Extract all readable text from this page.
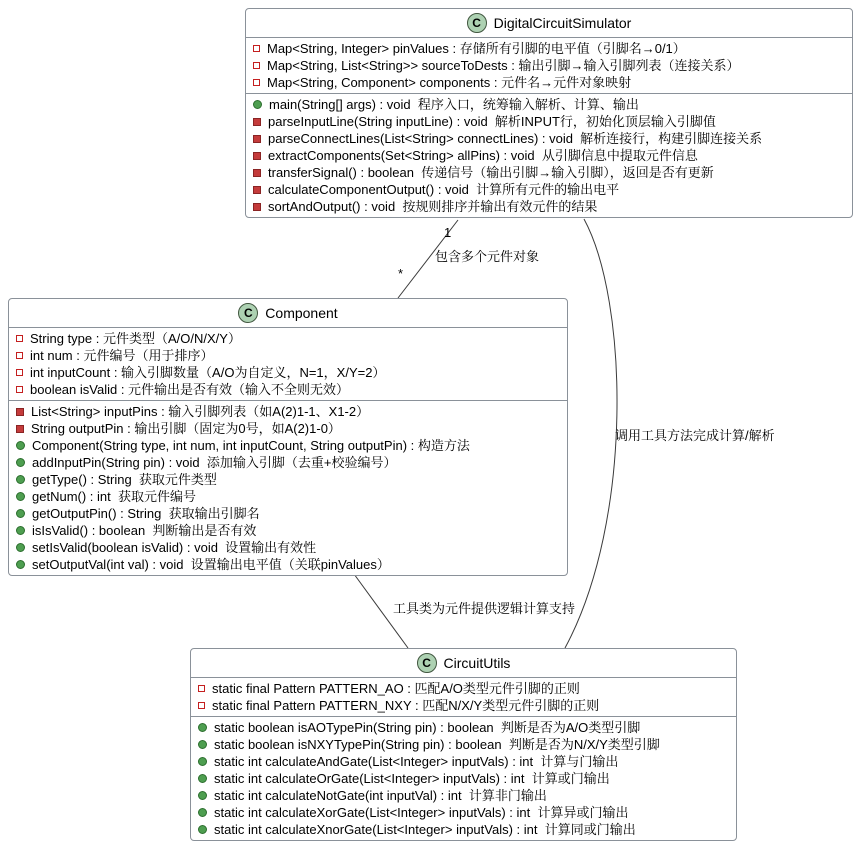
1
包含多个元件对象
*
工具类为元件提供逻辑计算支持
调用工具方法完成计算/解析
C DigitalCircuitSimulator
Map<String, Integer> pinValues : 存储所有引脚的电平值（引脚名→0/1）
Map<String, List<String>> sourceToDests : 输出引脚→输入引脚列表（连接关系）
Map<String, Component> components : 元件名→元件对象映射
main(String[] args) : void  程序入口，统筹输入解析、计算、输出
parseInputLine(String inputLine) : void  解析INPUT行，初始化顶层输入引脚值
parseConnectLines(List<String> connectLines) : void  解析连接行，构建引脚连接关系
extractComponents(Set<String> allPins) : void  从引脚信息中提取元件信息
transferSignal() : boolean  传递信号（输出引脚→输入引脚），返回是否有更新
calculateComponentOutput() : void  计算所有元件的输出电平
sortAndOutput() : void  按规则排序并输出有效元件的结果
C Component
String type : 元件类型（A/O/N/X/Y）
int num : 元件编号（用于排序）
int inputCount : 输入引脚数量（A/O为自定义，N=1，X/Y=2）
boolean isValid : 元件输出是否有效（输入不全则无效）
List<String> inputPins : 输入引脚列表（如A(2)1-1、X1-2）
String outputPin : 输出引脚（固定为0号，如A(2)1-0）
Component(String type, int num, int inputCount, String outputPin) : 构造方法
addInputPin(String pin) : void  添加输入引脚（去重+校验编号）
getType() : String  获取元件类型
getNum() : int  获取元件编号
getOutputPin() : String  获取输出引脚名
isIsValid() : boolean  判断输出是否有效
setIsValid(boolean isValid) : void  设置输出有效性
setOutputVal(int val) : void  设置输出电平值（关联pinValues）
C CircuitUtils
static final Pattern PATTERN_AO : 匹配A/O类型元件引脚的正则
static final Pattern PATTERN_NXY : 匹配N/X/Y类型元件引脚的正则
static boolean isAOTypePin(String pin) : boolean  判断是否为A/O类型引脚
static boolean isNXYTypePin(String pin) : boolean  判断是否为N/X/Y类型引脚
static int calculateAndGate(List<Integer> inputVals) : int  计算与门输出
static int calculateOrGate(List<Integer> inputVals) : int  计算或门输出
static int calculateNotGate(int inputVal) : int  计算非门输出
static int calculateXorGate(List<Integer> inputVals) : int  计算异或门输出
static int calculateXnorGate(List<Integer> inputVals) : int  计算同或门输出
